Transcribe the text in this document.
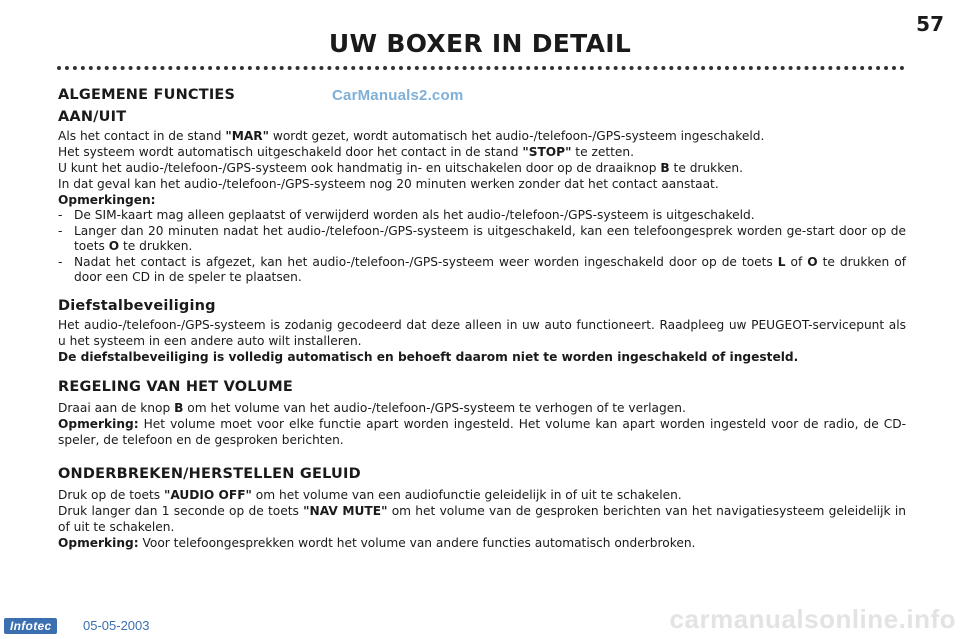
57
UW BOXER IN DETAIL
CarManuals2.com
ALGEMENE FUNCTIES
AAN/UIT

Als het contact in de stand "MAR" wordt gezet, wordt automatisch het audio-/telefoon-/GPS-systeem ingeschakeld.

Het systeem wordt automatisch uitgeschakeld door het contact in de stand "STOP" te zetten.

U kunt het audio-/telefoon-/GPS-systeem ook handmatig in- en uitschakelen door op de draaiknop B te drukken.

In dat geval kan het audio-/telefoon-/GPS-systeem nog 20 minuten werken zonder dat het contact aanstaat.

Opmerkingen:

- De SIM-kaart mag alleen geplaatst of verwijderd worden als het audio-/telefoon-/GPS-systeem is uitgeschakeld.
- Langer dan 20 minuten nadat het audio-/telefoon-/GPS-systeem is uitgeschakeld, kan een telefoongesprek worden ge-start door op de toets O te drukken.
- Nadat het contact is afgezet, kan het audio-/telefoon-/GPS-systeem weer worden ingeschakeld door op de toets L of O te drukken of door een CD in de speler te plaatsen.
Diefstalbeveiliging

Het audio-/telefoon-/GPS-systeem is zodanig gecodeerd dat deze alleen in uw auto functioneert. Raadpleeg uw PEUGEOT-servicepunt als u het systeem in een andere auto wilt installeren.

De diefstalbeveiliging is volledig automatisch en behoeft daarom niet te worden ingeschakeld of ingesteld.

REGELING VAN HET VOLUME

Draai aan de knop B om het volume van het audio-/telefoon-/GPS-systeem te verhogen of te verlagen.

Opmerking: Het volume moet voor elke functie apart worden ingesteld. Het volume kan apart worden ingesteld voor de radio, de CD-speler, de telefoon en de gesproken berichten.

ONDERBREKEN/HERSTELLEN GELUID

Druk op de toets "AUDIO OFF" om het volume van een audiofunctie geleidelijk in of uit te schakelen.

Druk langer dan 1 seconde op de toets "NAV MUTE" om het volume van de gesproken berichten van het navigatiesysteem geleidelijk in of uit te schakelen.

Opmerking: Voor telefoongesprekken wordt het volume van andere functies automatisch onderbroken.

Infotec	05-05-2003	carmanualsonline.info
